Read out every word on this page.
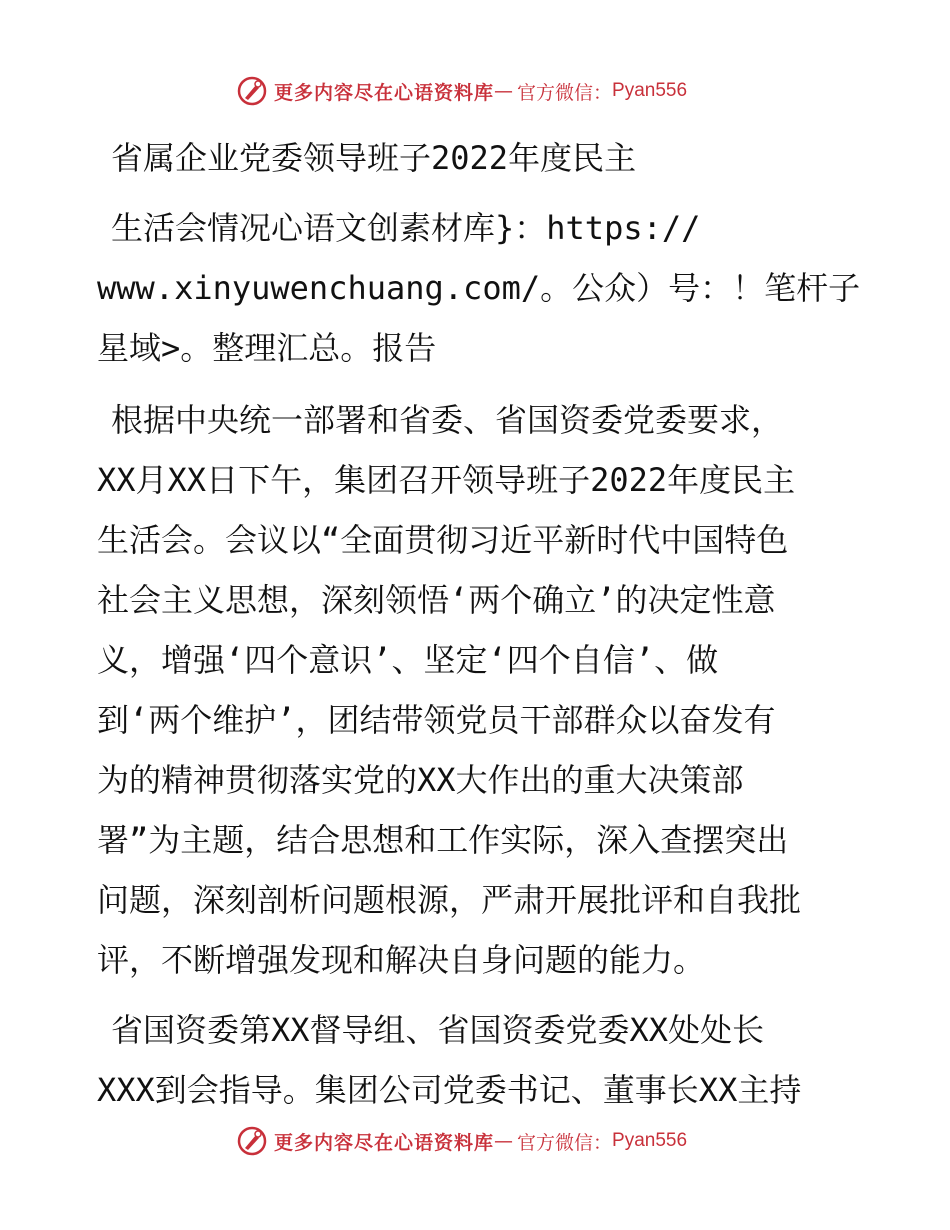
更多内容尽在心语资料库 — 官方微信： Pyan556

省属企业党委领导班子2022年度民主

生活会情况心语文创素材库}：https://

www.xinyuwenchuang.com/。公众）号：！笔杆子

星域>。整理汇总。报告

根据中央统一部署和省委、省国资委党委要求，
XX月XX日下午，集团召开领导班子2022年度民主
生活会。会议以“全面贯彻习近平新时代中国特色
社会主义思想，深刻领悟‘两个确立’的决定性意
义，增强‘四个意识’、坚定‘四个自信’、做
到‘两个维护’，团结带领党员干部群众以奋发有
为的精神贯彻落实党的XX大作出的重大决策部
署”为主题，结合思想和工作实际，深入查摆突出
问题，深刻剖析问题根源，严肃开展批评和自我批
评，不断增强发现和解决自身问题的能力。
省国资委第XX督导组、省国资委党委XX处处长
XXX到会指导。集团公司党委书记、董事长XX主持
更多内容尽在心语资料库 — 官方微信： Pyan556
